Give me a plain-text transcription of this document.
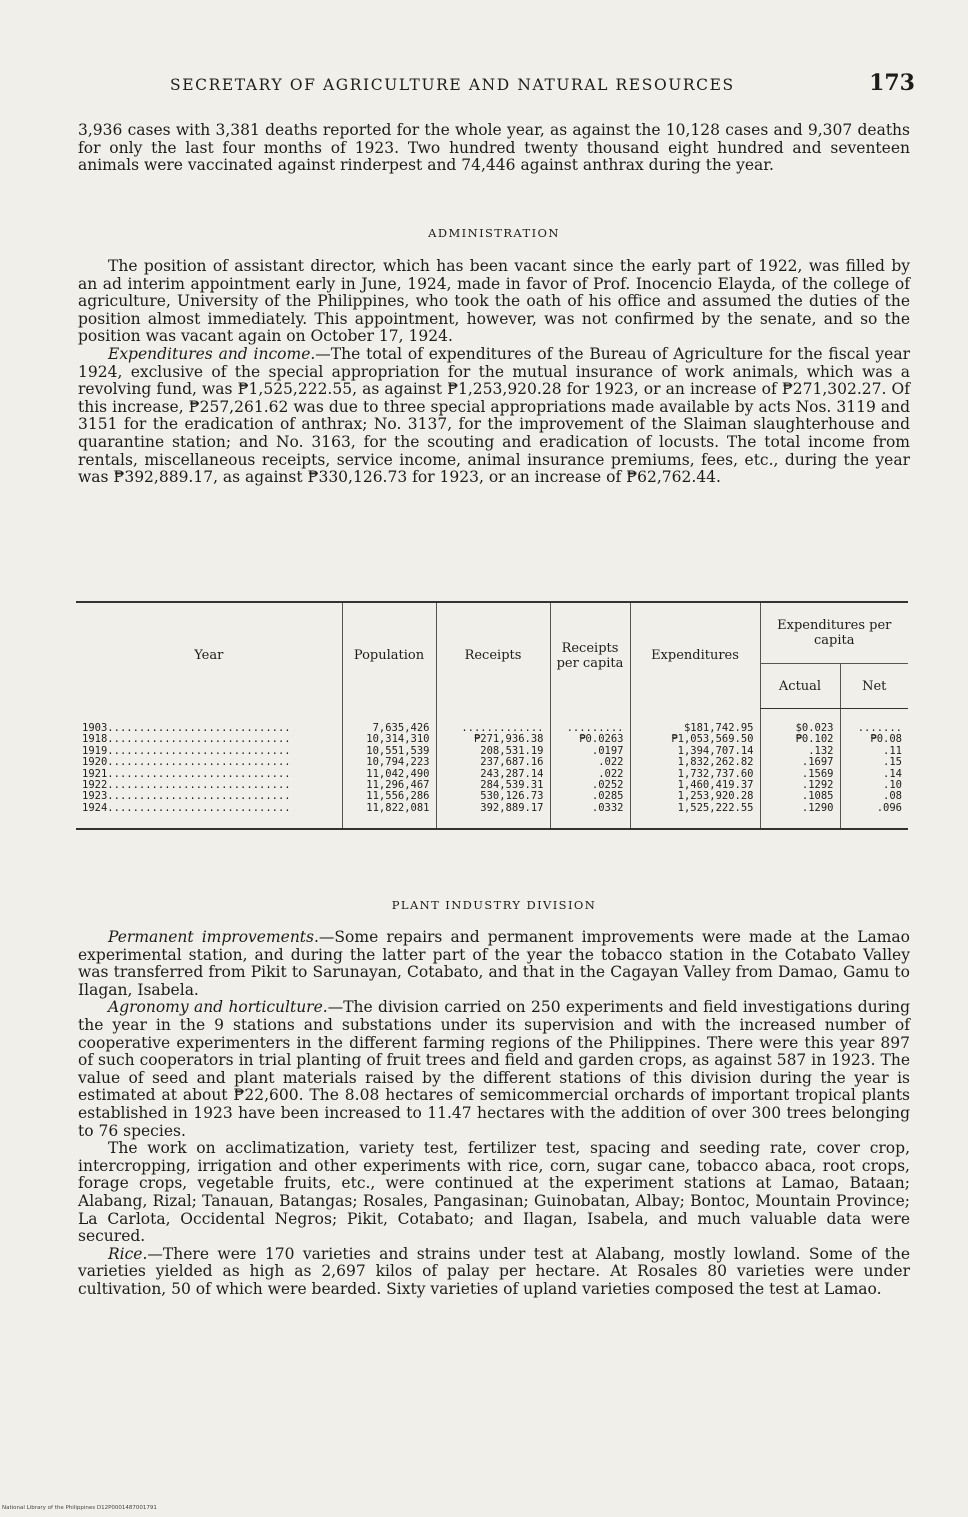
SECRETARY OF AGRICULTURE AND NATURAL RESOURCES	173

3,936 cases with 3,381 deaths reported for the whole year, as against the 10,128 cases and 9,307 deaths for only the last four months of 1923. Two hundred twenty thousand eight hundred and seventeen animals were vaccinated against rinderpest and 74,446 against anthrax during the year.

ADMINISTRATION

The position of assistant director, which has been vacant since the early part of 1922, was filled by an ad interim appointment early in June, 1924, made in favor of Prof. Inocencio Elayda, of the college of agriculture, University of the Philippines, who took the oath of his office and assumed the duties of the position almost immediately. This appointment, however, was not confirmed by the senate, and so the position was vacant again on October 17, 1924.

Expenditures and income.—The total of expenditures of the Bureau of Agriculture for the fiscal year 1924, exclusive of the special appropriation for the mutual insurance of work animals, which was a revolving fund, was ₱1,525,222.55, as against ₱1,253,920.28 for 1923, or an increase of ₱271,302.27. Of this increase, ₱257,261.62 was due to three special appropriations made available by acts Nos. 3119 and 3151 for the eradication of anthrax; No. 3137, for the improvement of the Slaiman slaughterhouse and quarantine station; and No. 3163, for the scouting and eradication of locusts. The total income from rentals, miscellaneous receipts, service income, animal insurance premiums, fees, etc., during the year was ₱392,889.17, as against ₱330,126.73 for 1923, or an increase of ₱62,762.44.

Year	Population	Receipts	Receipts per capita	Expenditures	Expenditures per capita	
					Actual	Net

1903.............................	7,635,426	.............	.........	$181,742.95	$0.023	.......
1918.............................	10,314,310	₱271,936.38	₱0.0263	₱1,053,569.50	₱0.102	₱0.08
1919.............................	10,551,539	208,531.19	.0197	1,394,707.14	.132	.11
1920.............................	10,794,223	237,687.16	.022	1,832,262.82	.1697	.15
1921.............................	11,042,490	243,287.14	.022	1,732,737.60	.1569	.14
1922.............................	11,296,467	284,539.31	.0252	1,460,419.37	.1292	.10
1923.............................	11,556,286	530,126.73	.0285	1,253,920.28	.1085	.08
1924.............................	11,822,081	392,889.17	.0332	1,525,222.55	.1290	.096

PLANT INDUSTRY DIVISION

Permanent improvements.—Some repairs and permanent improvements were made at the Lamao experimental station, and during the latter part of the year the tobacco station in the Cotabato Valley was transferred from Pikit to Sarunayan, Cotabato, and that in the Cagayan Valley from Damao, Gamu to Ilagan, Isabela.

Agronomy and horticulture.—The division carried on 250 experiments and field investigations during the year in the 9 stations and substations under its supervision and with the increased number of cooperative experimenters in the different farming regions of the Philippines. There were this year 897 of such cooperators in trial planting of fruit trees and field and garden crops, as against 587 in 1923. The value of seed and plant materials raised by the different stations of this division during the year is estimated at about ₱22,600. The 8.08 hectares of semicommercial orchards of important tropical plants established in 1923 have been increased to 11.47 hectares with the addition of over 300 trees belonging to 76 species.

The work on acclimatization, variety test, fertilizer test, spacing and seeding rate, cover crop, intercropping, irrigation and other experiments with rice, corn, sugar cane, tobacco abaca, root crops, forage crops, vegetable fruits, etc., were continued at the experiment stations at Lamao, Bataan; Alabang, Rizal; Tanauan, Batangas; Rosales, Pangasinan; Guinobatan, Albay; Bontoc, Mountain Province; La Carlota, Occidental Negros; Pikit, Cotabato; and Ilagan, Isabela, and much valuable data were secured.

Rice.—There were 170 varieties and strains under test at Alabang, mostly lowland. Some of the varieties yielded as high as 2,697 kilos of palay per hectare. At Rosales 80 varieties were under cultivation, 50 of which were bearded. Sixty varieties of upland varieties composed the test at Lamao.

National Library of the Philippines D12P0001487001791
